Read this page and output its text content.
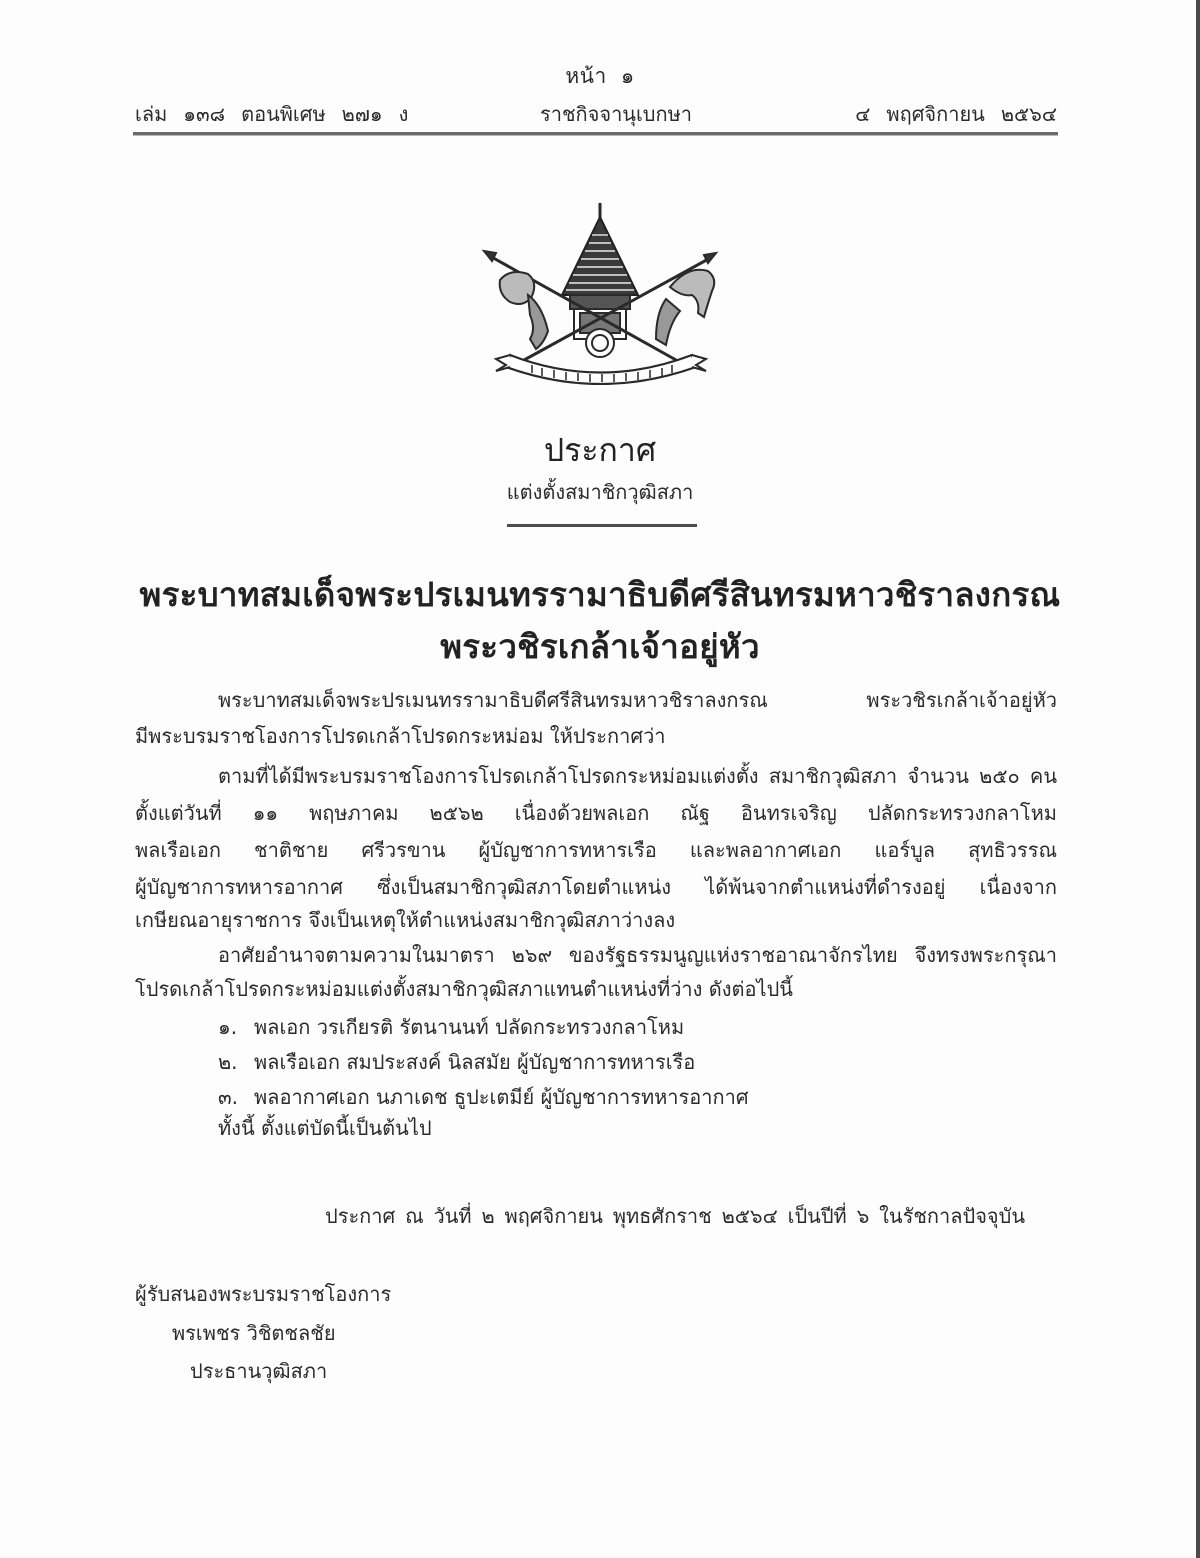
หน้า ๑
เล่ม ๑๓๘ ตอนพิเศษ ๒๗๑ ง	ราชกิจจานุเบกษา	๔ พฤศจิกายน ๒๕๖๔
ประกาศ
แต่งตั้งสมาชิกวุฒิสภา
พระบาทสมเด็จพระปรเมนทรรามาธิบดีศรีสินทรมหาวชิราลงกรณ
พระวชิรเกล้าเจ้าอยู่หัว
พระบาทสมเด็จพระปรเมนทรรามาธิบดีศรีสินทรมหาวชิราลงกรณ พระวชิรเกล้าเจ้าอยู่หัว
มีพระบรมราชโองการโปรดเกล้าโปรดกระหม่อม ให้ประกาศว่า
ตามที่ได้มีพระบรมราชโองการโปรดเกล้าโปรดกระหม่อมแต่งตั้ง สมาชิกวุฒิสภา จำนวน ๒๕๐ คน
ตั้งแต่วันที่ ๑๑ พฤษภาคม ๒๕๖๒ เนื่องด้วยพลเอก ณัฐ อินทรเจริญ ปลัดกระทรวงกลาโหม
พลเรือเอก ชาติชาย ศรีวรขาน ผู้บัญชาการทหารเรือ และพลอากาศเอก แอร์บูล สุทธิวรรณ
ผู้บัญชาการทหารอากาศ ซึ่งเป็นสมาชิกวุฒิสภาโดยตำแหน่ง ได้พ้นจากตำแหน่งที่ดำรงอยู่ เนื่องจาก
เกษียณอายุราชการ จึงเป็นเหตุให้ตำแหน่งสมาชิกวุฒิสภาว่างลง
อาศัยอำนาจตามความในมาตรา ๒๖๙ ของรัฐธรรมนูญแห่งราชอาณาจักรไทย จึงทรงพระกรุณา
โปรดเกล้าโปรดกระหม่อมแต่งตั้งสมาชิกวุฒิสภาแทนตำแหน่งที่ว่าง ดังต่อไปนี้
๑. พลเอก วรเกียรติ รัตนานนท์ ปลัดกระทรวงกลาโหม
๒. พลเรือเอก สมประสงค์ นิลสมัย ผู้บัญชาการทหารเรือ
๓. พลอากาศเอก นภาเดช ธูปะเตมีย์ ผู้บัญชาการทหารอากาศ
ทั้งนี้ ตั้งแต่บัดนี้เป็นต้นไป
ประกาศ ณ วันที่ ๒ พฤศจิกายน พุทธศักราช ๒๕๖๔ เป็นปีที่ ๖ ในรัชกาลปัจจุบัน
ผู้รับสนองพระบรมราชโองการ
พรเพชร วิชิตชลชัย
ประธานวุฒิสภา
